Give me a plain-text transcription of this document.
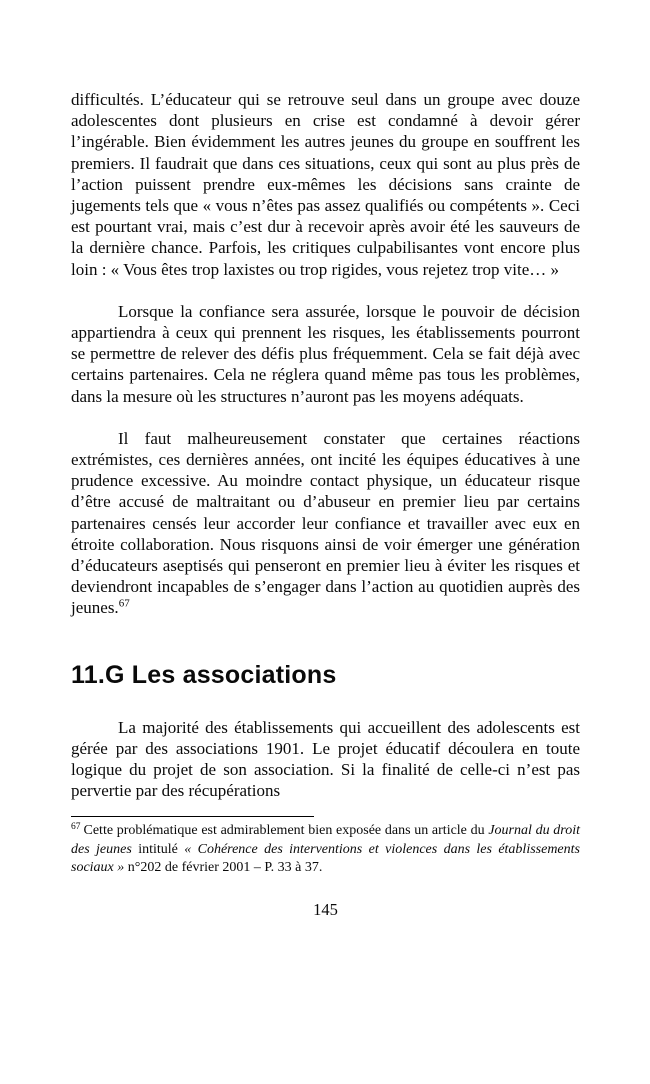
difficultés. L’éducateur qui se retrouve seul dans un groupe avec douze adolescentes dont plusieurs en crise est condamné à devoir gérer l’ingérable. Bien évidemment les autres jeunes du groupe en souffrent les premiers. Il faudrait que dans ces situations, ceux qui sont au plus près de l’action puissent prendre eux-mêmes les décisions sans crainte de jugements tels que « vous n’êtes pas assez qualifiés ou compétents ». Ceci est pourtant vrai, mais c’est dur à recevoir après avoir été les sauveurs de la dernière chance. Parfois, les critiques culpabilisantes vont encore plus loin : « Vous êtes trop laxistes ou trop rigides, vous rejetez trop vite… »

Lorsque la confiance sera assurée, lorsque le pouvoir de décision appartiendra à ceux qui prennent les risques, les établissements pourront se permettre de relever des défis plus fréquemment. Cela se fait déjà avec certains partenaires. Cela ne réglera quand même pas tous les problèmes, dans la mesure où les structures n’auront pas les moyens adéquats.

Il faut malheureusement constater que certaines réactions extrémistes, ces dernières années, ont incité les équipes éducatives à une prudence excessive. Au moindre contact physique, un éducateur risque d’être accusé de maltraitant ou d’abuseur en premier lieu par certains partenaires censés leur accorder leur confiance et travailler avec eux en étroite collaboration. Nous risquons ainsi de voir émerger une génération d’éducateurs aseptisés qui penseront en premier lieu à éviter les risques et deviendront incapables de s’engager dans l’action au quotidien auprès des jeunes.$^{67}$

11.G Les associations

La majorité des établissements qui accueillent des adolescents est gérée par des associations 1901. Le projet éducatif découlera en toute logique du projet de son association. Si la finalité de celle-ci n’est pas pervertie par des récupérations

$^{67}$ Cette problématique est admirablement bien exposée dans un article du Journal du droit des jeunes intitulé « Cohérence des interventions et violences dans les établissements sociaux » n°202 de février 2001 – P. 33 à 37.

145
